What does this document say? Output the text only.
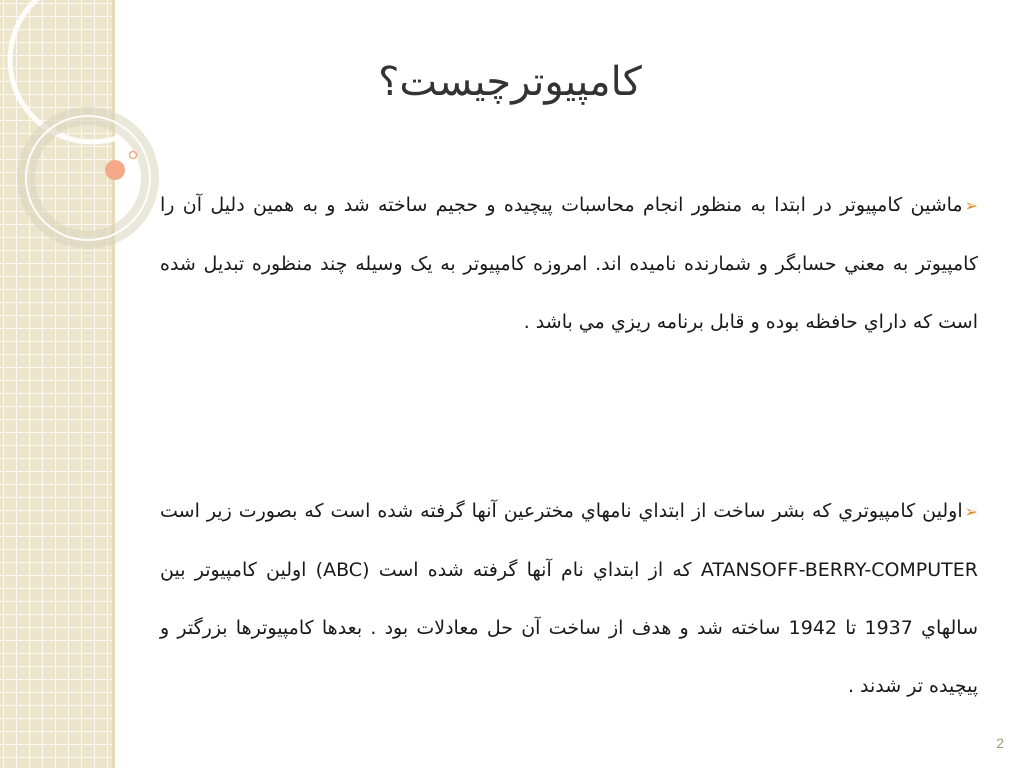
كامپيوترچيست؟

➢ماشين كامپيوتر در ابتدا به منظور انجام محاسبات پيچيده و حجيم ساخته شد و به همين دليل آن را كامپيوتر به معني حسابگر و شمارنده ناميده اند. امروزه كامپيوتر به يک وسيله چند منظوره تبديل شده است كه داراي حافظه بوده و قابل برنامه ريزي مي باشد .

➢اولين كامپيوتري كه بشر ساخت از ابتداي نامهاي مخترعين آنها گرفته شده است كه بصورت زير است ATANSOFF-BERRY-COMPUTER كه از ابتداي نام آنها گرفته شده است (ABC) اولين كامپيوتر بين سالهاي 1937 تا 1942 ساخته شد و هدف از ساخت آن حل معادلات بود . بعدها كامپيوترها بزرگتر و پيچيده تر شدند .

2
